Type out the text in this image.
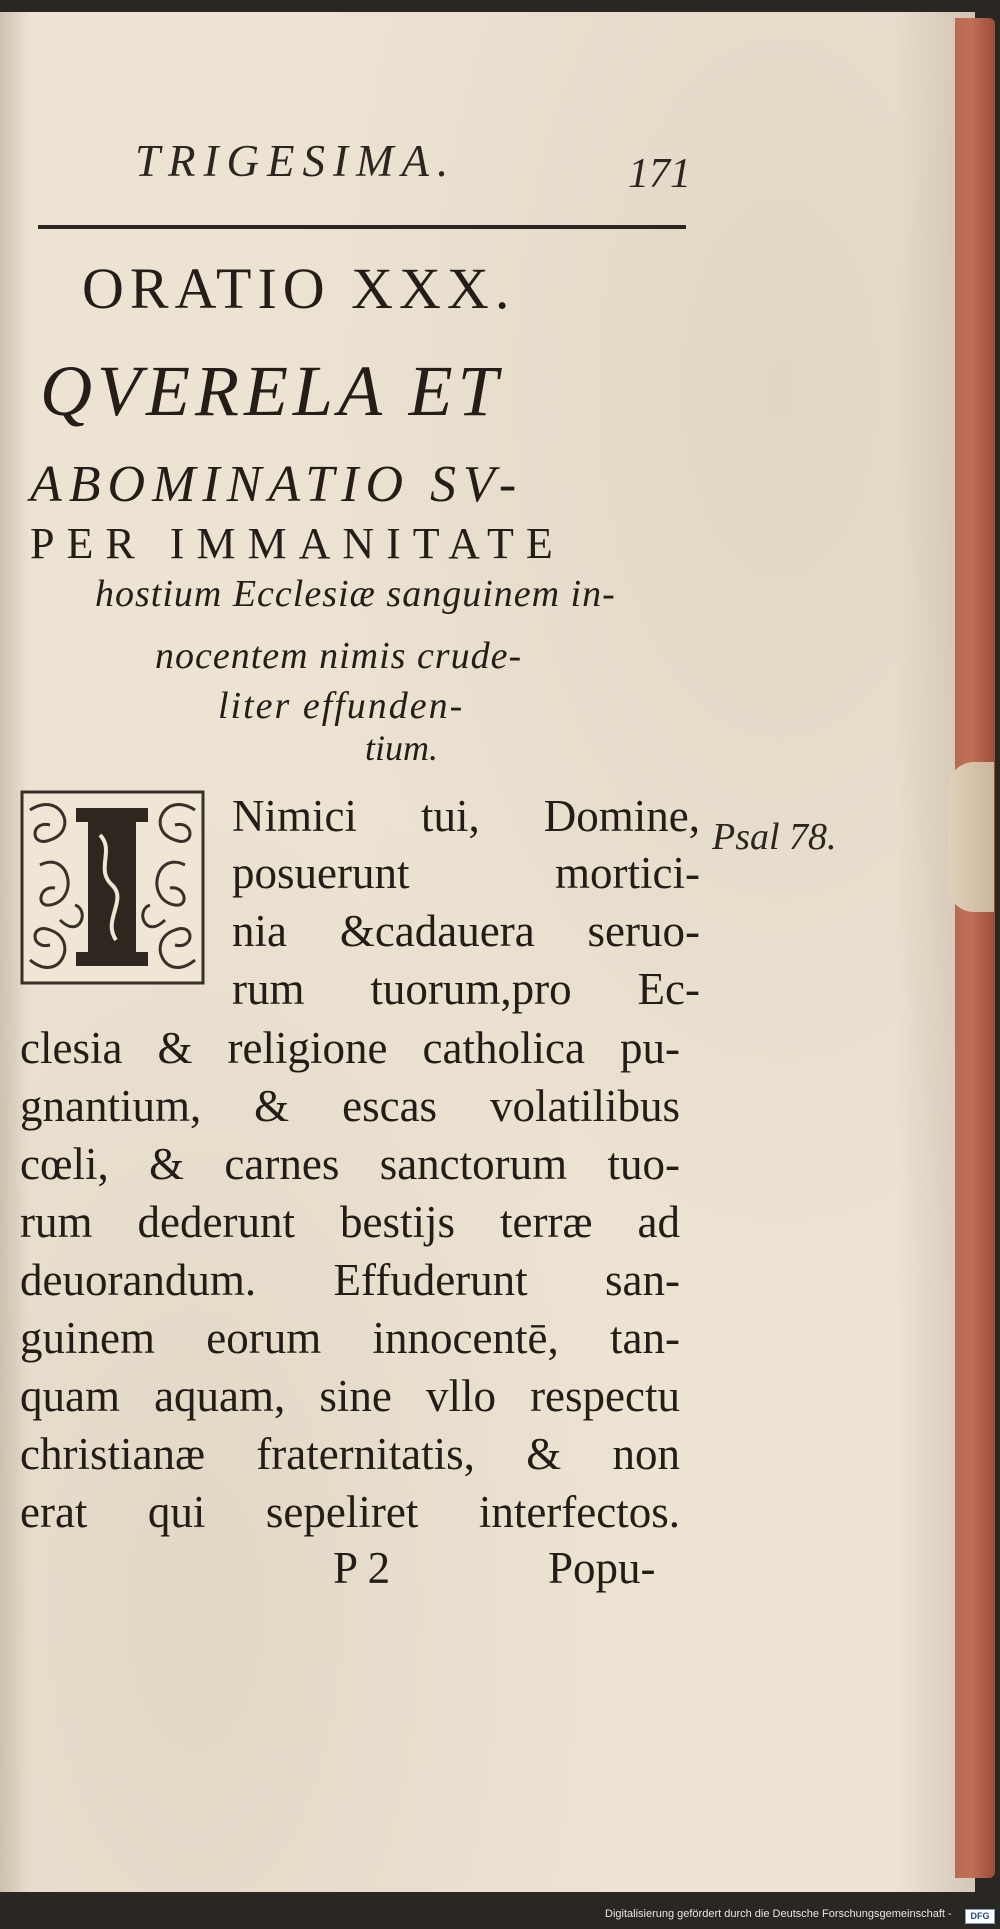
TRIGESIMA.	171
ORATIO XXX.
QVERELA ET
ABOMINATIO SV-
PER IMMANITATE
hostium Ecclesiæ sanguinem in-
nocentem nimis crude-
liter effunden-
tium.
Psal 78.
Nimici tui, Domine,
posuerunt mortici-
nia &cadauera seruo-
rum tuorum,pro Ec-
clesia & religione catholica pu-
gnantium, & escas volatilibus
cœli, & carnes sanctorum tuo-
rum dederunt bestijs terræ ad
deuorandum. Effuderunt san-
guinem eorum innocentē, tan-
quam aquam, sine vllo respectu
christianæ fraternitatis, & non
erat qui sepeliret interfectos.
P 2	Popu-
Digitalisierung gefördert durch die Deutsche Forschungsgemeinschaft -	DFG
